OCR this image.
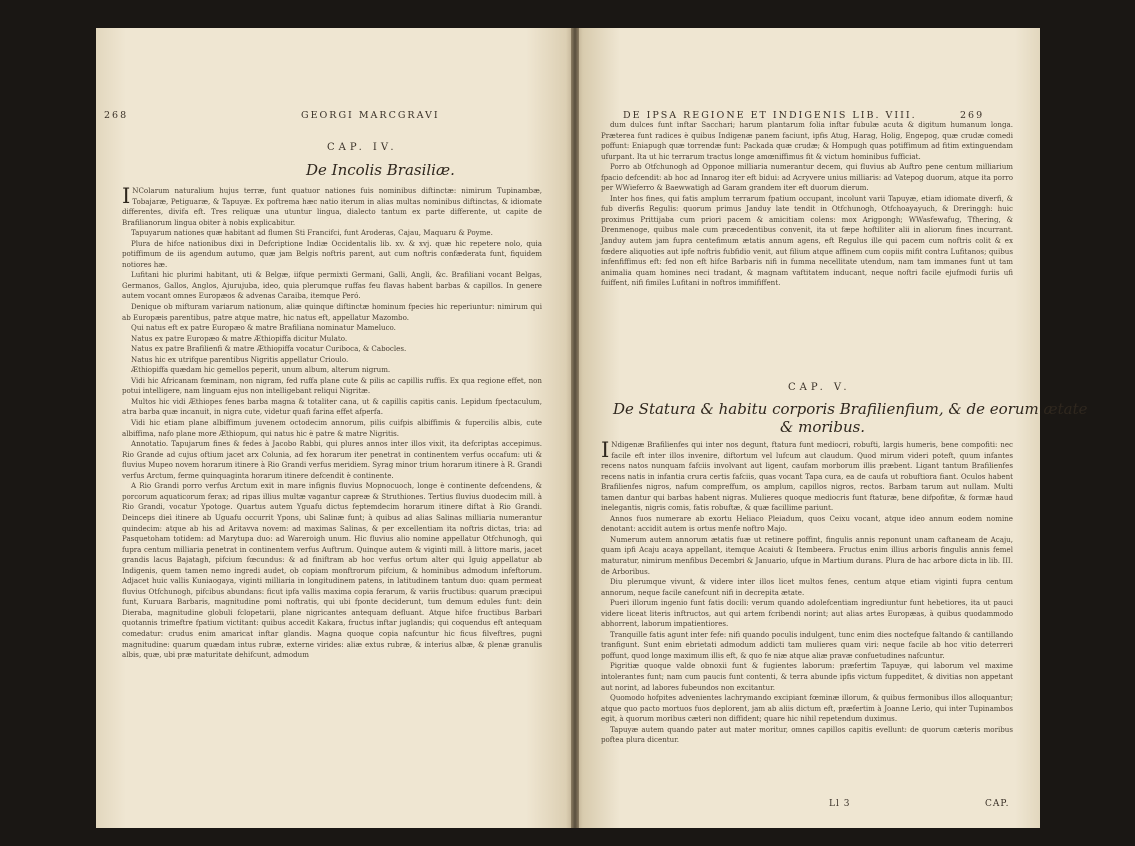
268	GEORGI MARCGRAVI
CAP. IV.
De Incolis Brasiliæ.

I NColarum naturalium hujus terræ, funt quatuor nationes fuis nominibus diftinctæ: nimirum Tupinambæ, Tobajaræ, Petiguaræ, & Tapuyæ. Ex poftrema hæc natio iterum in alias multas nominibus diftinctas, & idiomate differentes, divifa eft. Tres reliquæ una utuntur lingua, dialecto tantum ex parte differente, ut capite de Brafilianorum lingua obiter à nobis explicabitur.

Tapuyarum nationes quæ habitant ad flumen Sti Francifci, funt Aroderas, Cajau, Maquaru & Poyme.

Plura de hifce nationibus dixi in Defcriptione Indiæ Occidentalis lib. xv. & xvj. quæ hic repetere nolo, quia potiffimum de iis agendum autumo, quæ jam Belgis noftris parent, aut cum noftris confæderata funt, fiquidem notiores hæ.

Lufitani hic plurimi habitant, uti & Belgæ, iifque permixti Germani, Galli, Angli, &c. Brafiliani vocant Belgas, Germanos, Gallos, Anglos, Ajurujuba, ideo, quia plerumque ruffas feu flavas habent barbas & capillos. In genere autem vocant omnes Europæos & advenas Caraiba, itemque Peró.

Denique ob mifturam variarum nationum, aliæ quinque diftinctæ hominum fpecies hic reperiuntur: nimirum qui ab Europæis parentibus, patre atque matre, hic natus eft, appellatur Mazombo.

Qui natus eft ex patre Europæo & matre Brafiliana nominatur Mameluco.

Natus ex patre Europæo & matre Æthiopiffa dicitur Mulato.

Natus ex patre Brafilienfi & matre Æthiopiffa vocatur Curiboca, & Cabocles.

Natus hic ex utrifque parentibus Nigritis appellatur Crioulo.

Æthiopiffa quædam hic gemellos peperit, unum album, alterum nigrum.

Vidi hic Africanam fœminam, non nigram, fed ruffa plane cute & pilis ac capillis ruffis. Ex qua regione effet, non potui intelligere, nam linguam ejus non intelligebant reliqui Nigritæ.

Multos hic vidi Æthiopes fenes barba magna & totaliter cana, ut & capillis capitis canis. Lepidum fpectaculum, atra barba quæ incanuit, in nigra cute, videtur quafi farina effet afperfa.

Vidi hic etiam plane albiffimum juvenem octodecim annorum, pilis cuifpis albiffimis & fupercilis albis, cute albiffima, nafo plane more Æthiopum, qui natus hic è patre & matre Nigritis.

Annotatio. Tapujarum fines & fedes à Jacobo Rabbi, qui plures annos inter illos vixit, ita defcriptas accepimus. Rio Grande ad cujus oftium jacet arx Colunia, ad fex horarum iter penetrat in continentem verfus occafum: uti & fluvius Mupeo novem horarum itinere à Rio Grandi verfus meridiem. Syrag minor trium horarum itinere à R. Grandi verfus Arctum, ferme quinquaginta horarum itinere defcendit è continente.

A Rio Grandi porro verfus Arctum exit in mare infignis fluvius Mopnocuoch, longe è continente defcendens, & porcorum aquaticorum ferax; ad ripas illius multæ vagantur capreæ & Struthiones. Tertius fluvius duodecim mill. à Rio Grandi, vocatur Ypotoge. Quartus autem Yguafu dictus feptemdecim horarum itinere diftat à Rio Grandi. Deinceps dieì itinere ab Uguafu occurrit Ypons, ubi Salinæ funt; à quibus ad alias Salinas milliaria numerantur quindecim: atque ab his ad Aritavva novem: ad maximas Salinas, & per excellentiam ita noftris dictas, tria: ad Pasquetoham totidem: ad Marytupa duo: ad Wareroigh unum. Hic fluvius alio nomine appellatur Otfchunogh, qui fupra centum milliaria penetrat in continentem verfus Auftrum. Quinque autem & viginti mill. à littore maris, jacet grandis lacus Bajatagh, pifcium fœcundus: & ad finiftram ab hoc verfus ortum alter qui Iguig appellatur ab Indigenis, quem tamen nemo ingredi audet, ob copiam monftrorum pifcium, & hominibus admodum infeftorum. Adjacet huic vallis Kuniaogaya, viginti milliaria in longitudinem patens, in latitudinem tantum duo: quam permeat fluvius Otfchunogh, pifcibus abundans: ficut ipfa vallis maxima copia ferarum, & variis fructibus: quarum præcipui funt, Kuruara Barbaris, magnitudine pomi noftratis, qui ubi fponte deciderunt, tum demum edules funt: dein Dieraba, magnitudine globuli fclopetarii, plane nigricantes antequam defluant. Atque hifce fructibus Barbari quotannis trimeftre fpatium victitant: quibus accedit Kakara, fructus inftar juglandis; qui coquendus eft antequam comedatur: crudus enim amaricat inftar glandis. Magna quoque copia nafcuntur hic ficus filveftres, pugni magnitudine: quarum quædam intus rubræ, externe virides: aliæ extus rubræ, & interius albæ, & plenæ granulis albis, quæ, ubi præ maturitate dehifcunt, admodum

DE IPSA REGIONE ET INDIGENIS LIB. VIII.	269

dum dulces funt inftar Sacchari; harum plantarum folia inftar fubulæ acuta & digitum humanum longa. Præterea funt radices è quibus Indigenæ panem faciunt, ipfis Atug, Harag, Holig, Engepog, quæ crudæ comedi poffunt: Eniapugh quæ torrendæ funt: Packada quæ crudæ; & Hompugh quas potiffimum ad fitim extinguendam ufurpant. Ita ut hic terrarum tractus longe amœniffimus fit & victum hominibus fufficiat.

Porro ab Otfchunogh ad Opponoe milliaria numerantur decem, qui fluvius ab Auftro pene centum milliarium fpacio defcendit: ab hoc ad Innarog iter eft bidui: ad Acryvere unius milliaris: ad Vatepog duorum, atque ita porro per WWieferro & Baewwatigh ad Garam grandem iter eft duorum dierum.

Inter hos fines, qui fatis amplum terrarum fpatium occupant, incolunt varii Tapuyæ, etiam idiomate diverfi, & fub diverfis Regulis: quorum primus Janduy late tendit in Otfchunogh, Otfchoayayuch, & Dreringgh: huic proximus Prittijaba cum priori pacem & amicitiam colens: mox Arigpongh; WWasfewafug, Tfhering, & Drenmenoge, quibus male cum præcedentibus convenit, ita ut fæpe hoftiliter alii in aliorum fines incurrant. Janduy autem jam fupra centefimum ætatis annum agens, eft Regulus ille qui pacem cum noftris colit & ex fœdere aliquoties aut ipfe noftris fubfidio venit, aut filium atque affinem cum copiis mifit contra Lufitanos; quibus infenfiffimus eft: fed non eft hifce Barbaris nifi in fumma necellitate utendum, nam tam immanes funt ut tam animalia quam homines neci tradant, & magnam vaftitatem inducant, neque noftri facile ejufmodi furiis ufi fuiffent, nifi fimiles Lufitani in noftros immififfent.

CAP. V.
De Statura & habitu corporis Brafilienfium, & de eorum ætate
& moribus.

I Ndigenæ Brafilienfes qui inter nos degunt, ftatura funt mediocri, robufti, largis humeris, bene compofiti: nec facile eft inter illos invenire, diftortum vel lufcum aut claudum. Quod mirum videri poteft, quum infantes recens natos nunquam fafciis involvant aut ligent, caufam morborum illis præbent. Ligant tantum Brafilienfes recens natis in infantia crura certis fafciis, quas vocant Tapa cura, ea de caufa ut robuftiora fiant. Oculos habent Brafilienfes nigros, nafum compreffum, os amplum, capillos nigros, rectos. Barbam tarum aut nullam. Multi tamen dantur qui barbas habent nigras. Mulieres quoque mediocris funt ftaturæ, bene difpofitæ, & formæ haud inelegantis, nigris comis, fatis robuftæ, & quæ facillime pariunt.

Annos fuos numerare ab exortu Heliaco Pleiadum, quos Ceixu vocant, atque ideo annum eodem nomine denotant: accidit autem is ortus menfe noftro Majo.

Numerum autem annorum ætatis fuæ ut retinere poffint, fingulis annis reponunt unam caftaneam de Acaju, quam ipfi Acaju acaya appellant, itemque Acaiuti & Itembeera. Fructus enim illius arboris fingulis annis femel maturatur, nimirum menfibus Decembri & Januario, ufque in Martium durans. Plura de hac arbore dicta in lib. III. de Arboribus.

Diu plerumque vivunt, & videre inter illos licet multos fenes, centum atque etiam viginti fupra centum annorum, neque facile canefcunt nifi in decrepita ætate.

Pueri illorum ingenio funt fatis docili: verum quando adolefcentiam ingrediuntur funt hebetiores, ita ut pauci videre liceat literis inftructos, aut qui artem fcribendi norint; aut alias artes Europæas, à quibus quodammodo abhorrent, laborum impatientiores.

Tranquille fatis agunt inter fefe: nifi quando poculis indulgent, tunc enim dies noctefque faltando & cantillando tranfigunt. Sunt enim ebrietati admodum addicti tam mulieres quam viri: neque facile ab hoc vitio deterreri poffunt, quod longe maximum illis eft, & quo fe niæ atque aliæ pravæ confuetudines nafcuntur.

Pigritiæ quoque valde obnoxii funt & fugientes laborum: præfertim Tapuyæ, qui laborum vel maxime intolerantes funt; nam cum paucis funt contenti, & terra abunde ipfis victum fuppeditet, & divitias non appetant aut norint, ad labores fubeundos non excitantur.

Quomodo hofpites advenientes lachrymando excipiant fœminæ illorum, & quibus fermonibus illos alloquantur; atque quo pacto mortuos fuos deplorent, jam ab aliis dictum eft, præfertim à Joanne Lerio, qui inter Tupinambos egit, à quorum moribus cæteri non diffident; quare hic nihil repetendum duximus.

Tapuyæ autem quando pater aut mater moritur, omnes capillos capitis evellunt: de quorum cæteris moribus poftea plura dicentur.

Ll 3	CAP.
